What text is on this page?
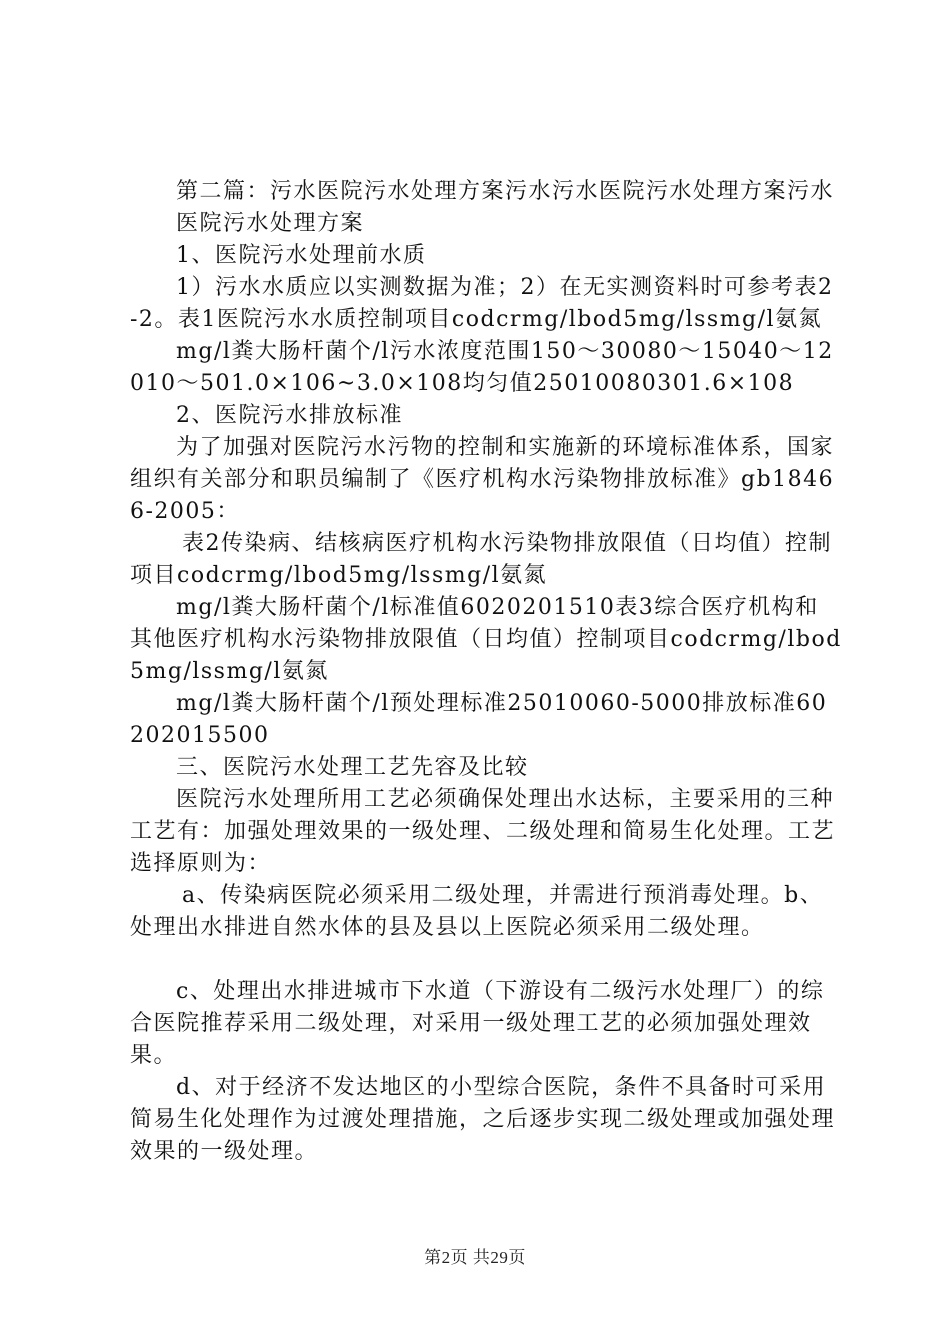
第二篇：污水医院污水处理方案污水污水医院污水处理方案污水

医院污水处理方案

1、医院污水处理前水质

1）污水水质应以实测数据为准；2）在无实测资料时可参考表2-2。表1医院污水水质控制项目codcrmg/lbod5mg/lssmg/l氨氮

mg/l粪大肠杆菌个/l污水浓度范围150～30080～15040～12010～501.0×106~3.0×108均匀值25010080301.6×108

2、医院污水排放标准

为了加强对医院污水污物的控制和实施新的环境标准体系，国家组织有关部分和职员编制了《医疗机构水污染物排放标准》gb18466-2005：

表2传染病、结核病医疗机构水污染物排放限值（日均值）控制项目codcrmg/lbod5mg/lssmg/l氨氮

mg/l粪大肠杆菌个/l标准值6020201510表3综合医疗机构和其他医疗机构水污染物排放限值（日均值）控制项目codcrmg/lbod5mg/lssmg/l氨氮

mg/l粪大肠杆菌个/l预处理标准25010060-5000排放标准60202015500

三、医院污水处理工艺先容及比较

医院污水处理所用工艺必须确保处理出水达标，主要采用的三种工艺有：加强处理效果的一级处理、二级处理和简易生化处理。工艺选择原则为：

a、传染病医院必须采用二级处理，并需进行预消毒处理。b、处理出水排进自然水体的县及县以上医院必须采用二级处理。

c、处理出水排进城市下水道（下游设有二级污水处理厂）的综合医院推荐采用二级处理，对采用一级处理工艺的必须加强处理效果。

d、对于经济不发达地区的小型综合医院，条件不具备时可采用简易生化处理作为过渡处理措施，之后逐步实现二级处理或加强处理效果的一级处理。

第2页 共29页
